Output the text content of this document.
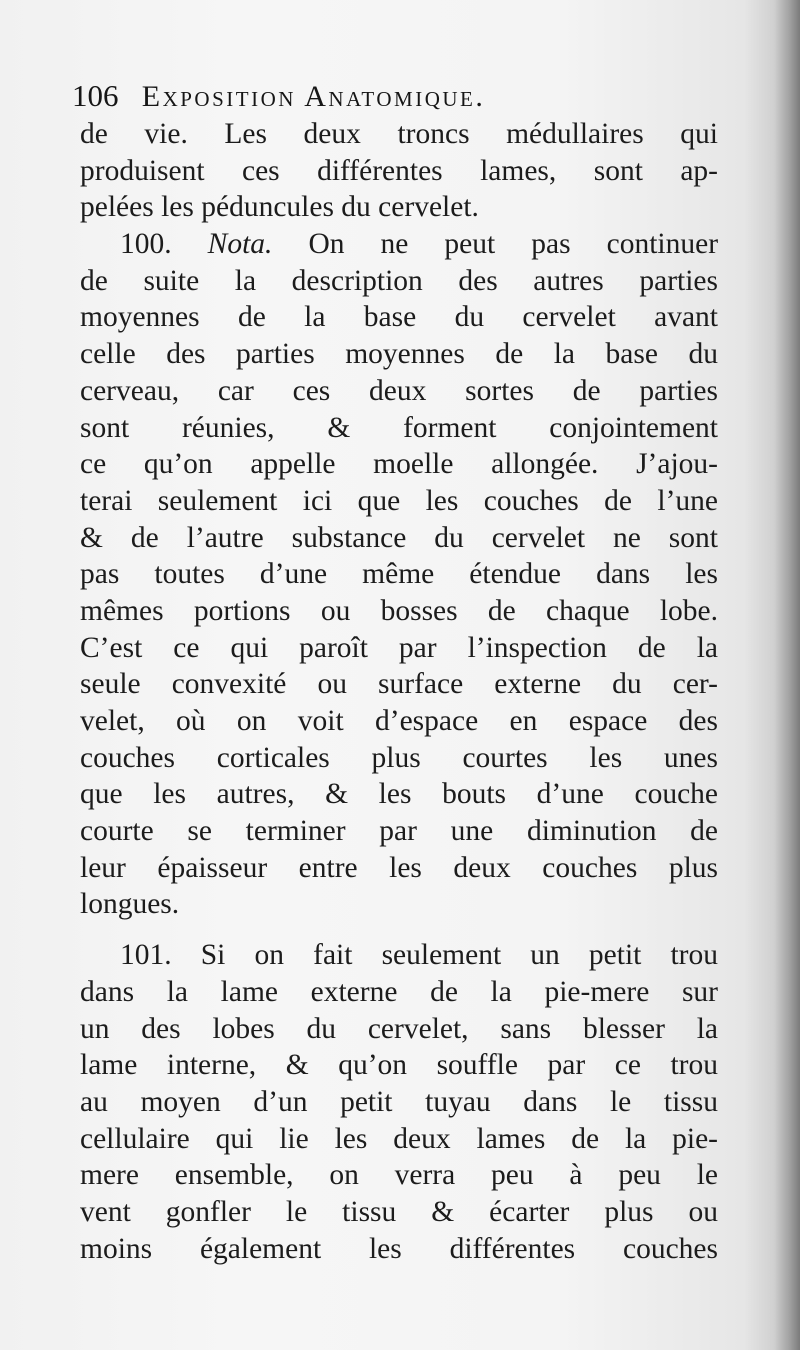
106 Exposition Anatomique.
de vie. Les deux troncs médullaires qui
produisent ces différentes lames, sont ap-
pelées les péduncules du cervelet.
100. Nota. On ne peut pas continuer
de suite la description des autres parties
moyennes de la base du cervelet avant
celle des parties moyennes de la base du
cerveau, car ces deux sortes de parties
sont réunies, & forment conjointement
ce qu’on appelle moelle allongée. J’ajou-
terai seulement ici que les couches de l’une
& de l’autre substance du cervelet ne sont
pas toutes d’une même étendue dans les
mêmes portions ou bosses de chaque lobe.
C’est ce qui paroît par l’inspection de la
seule convexité ou surface externe du cer-
velet, où on voit d’espace en espace des
couches corticales plus courtes les unes
que les autres, & les bouts d’une couche
courte se terminer par une diminution de
leur épaisseur entre les deux couches plus
longues.
101. Si on fait seulement un petit trou
dans la lame externe de la pie-mere sur
un des lobes du cervelet, sans blesser la
lame interne, & qu’on souffle par ce trou
au moyen d’un petit tuyau dans le tissu
cellulaire qui lie les deux lames de la pie-
mere ensemble, on verra peu à peu le
vent gonfler le tissu & écarter plus ou
moins également les différentes couches
